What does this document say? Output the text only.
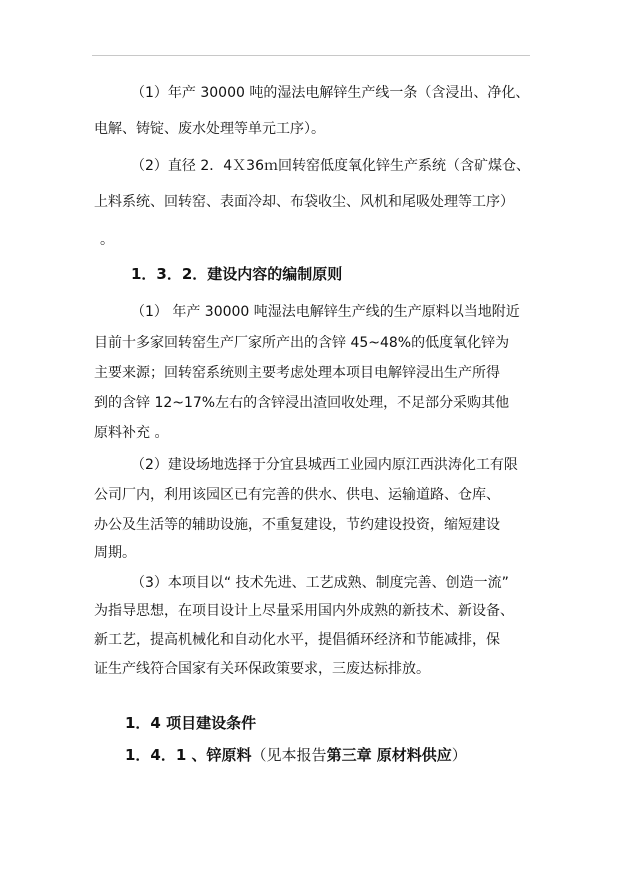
（1）年产 30000 吨的湿法电解锌生产线一条（含浸出、净化、
电解、铸锭、废水处理等单元工序）。
（2）直径 2．4Ｘ36ｍ回转窑低度氧化锌生产系统（含矿煤仓、
上料系统、回转窑、表面冷却、布袋收尘、风机和尾吸处理等工序）
。
1．3．2．建设内容的编制原则
（1） 年产 30000 吨湿法电解锌生产线的生产原料以当地附近
目前十多家回转窑生产厂家所产出的含锌 45~48%的低度氧化锌为
主要来源；回转窑系统则主要考虑处理本项目电解锌浸出生产所得
到的含锌 12~17%左右的含锌浸出渣回收处理，不足部分采购其他
原料补充 。
（2）建设场地选择于分宜县城西工业园内原江西洪涛化工有限
公司厂内，利用该园区已有完善的供水、供电、运输道路、仓库、
办公及生活等的辅助设施，不重复建设，节约建设投资，缩短建设
周期。
（3）本项目以“ 技术先进、工艺成熟、制度完善、创造一流”
为指导思想，在项目设计上尽量采用国内外成熟的新技术、新设备、
新工艺，提高机械化和自动化水平，提倡循环经济和节能减排，保
证生产线符合国家有关环保政策要求，三废达标排放。
1．4 项目建设条件
1．4．1 、锌原料（见本报告第三章 原材料供应）
